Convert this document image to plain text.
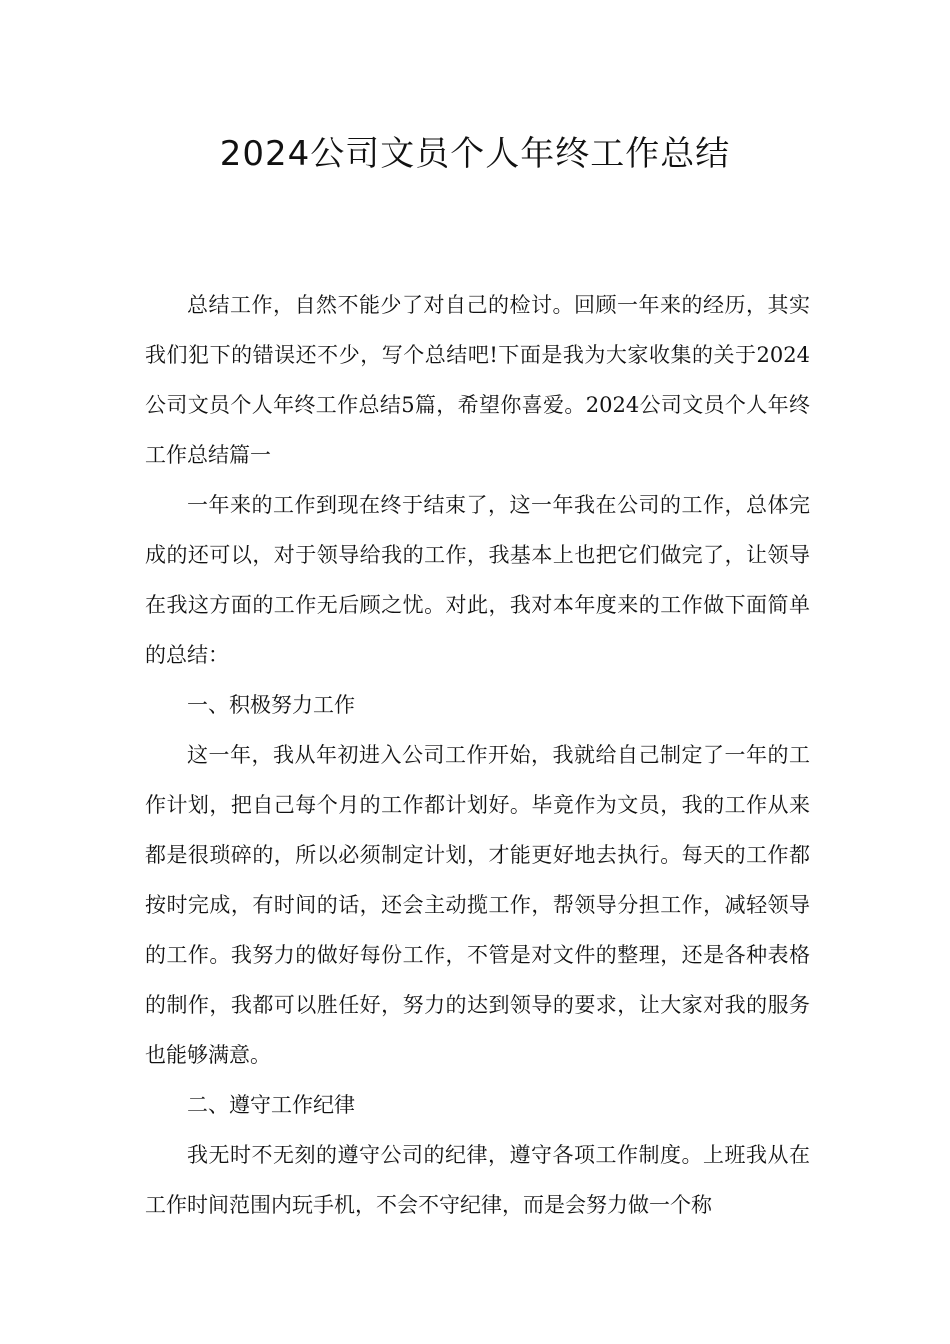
2024公司文员个人年终工作总结

总结工作，自然不能少了对自己的检讨。回顾一年来的经历，其实我们犯下的错误还不少，写个总结吧!下面是我为大家收集的关于2024公司文员个人年终工作总结5篇，希望你喜爱。2024公司文员个人年终工作总结篇一

一年来的工作到现在终于结束了，这一年我在公司的工作，总体完成的还可以，对于领导给我的工作，我基本上也把它们做完了，让领导在我这方面的工作无后顾之忧。对此，我对本年度来的工作做下面简单的总结：

一、积极努力工作

这一年，我从年初进入公司工作开始，我就给自己制定了一年的工作计划，把自己每个月的工作都计划好。毕竟作为文员，我的工作从来都是很琐碎的，所以必须制定计划，才能更好地去执行。每天的工作都按时完成，有时间的话，还会主动揽工作，帮领导分担工作，减轻领导的工作。我努力的做好每份工作，不管是对文件的整理，还是各种表格的制作，我都可以胜任好，努力的达到领导的要求，让大家对我的服务也能够满意。

二、遵守工作纪律

我无时不无刻的遵守公司的纪律，遵守各项工作制度。上班我从在工作时间范围内玩手机，不会不守纪律，而是会努力做一个称
